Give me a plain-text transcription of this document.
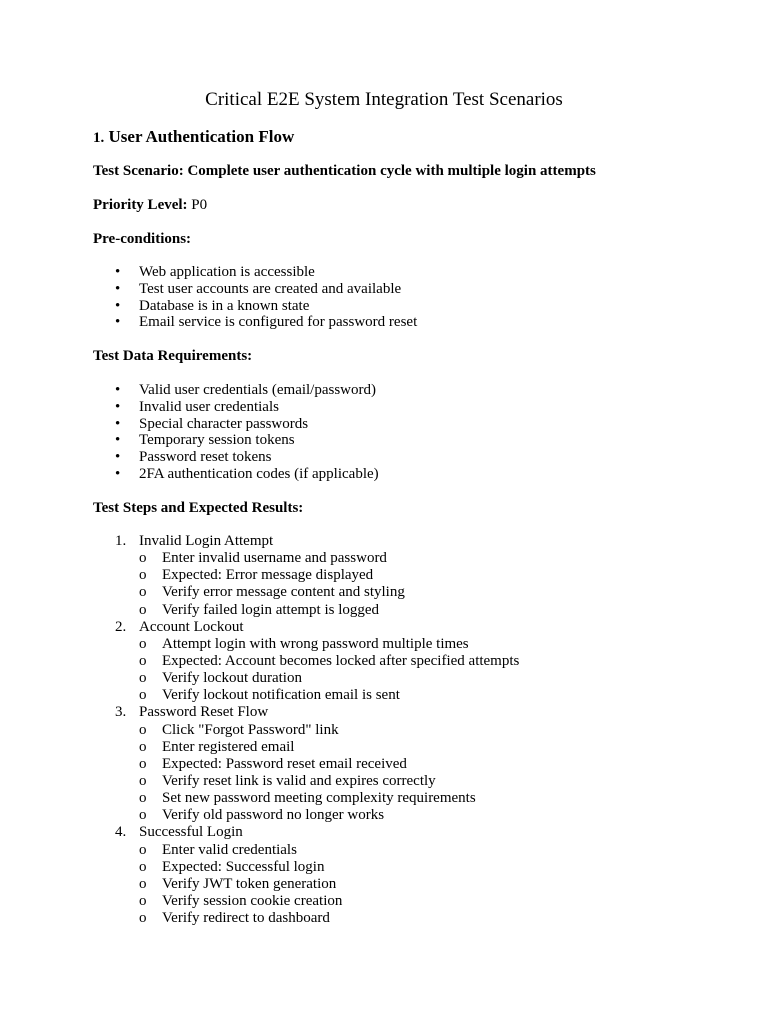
Critical E2E System Integration Test Scenarios
1. User Authentication Flow
Test Scenario: Complete user authentication cycle with multiple login attempts
Priority Level: P0
Pre-conditions:
• Web application is accessible
• Test user accounts are created and available
• Database is in a known state
• Email service is configured for password reset
Test Data Requirements:
• Valid user credentials (email/password)
• Invalid user credentials
• Special character passwords
• Temporary session tokens
• Password reset tokens
• 2FA authentication codes (if applicable)
Test Steps and Expected Results:
1. Invalid Login Attempt
o Enter invalid username and password
o Expected: Error message displayed
o Verify error message content and styling
o Verify failed login attempt is logged
2. Account Lockout
o Attempt login with wrong password multiple times
o Expected: Account becomes locked after specified attempts
o Verify lockout duration
o Verify lockout notification email is sent
3. Password Reset Flow
o Click "Forgot Password" link
o Enter registered email
o Expected: Password reset email received
o Verify reset link is valid and expires correctly
o Set new password meeting complexity requirements
o Verify old password no longer works
4. Successful Login
o Enter valid credentials
o Expected: Successful login
o Verify JWT token generation
o Verify session cookie creation
o Verify redirect to dashboard
